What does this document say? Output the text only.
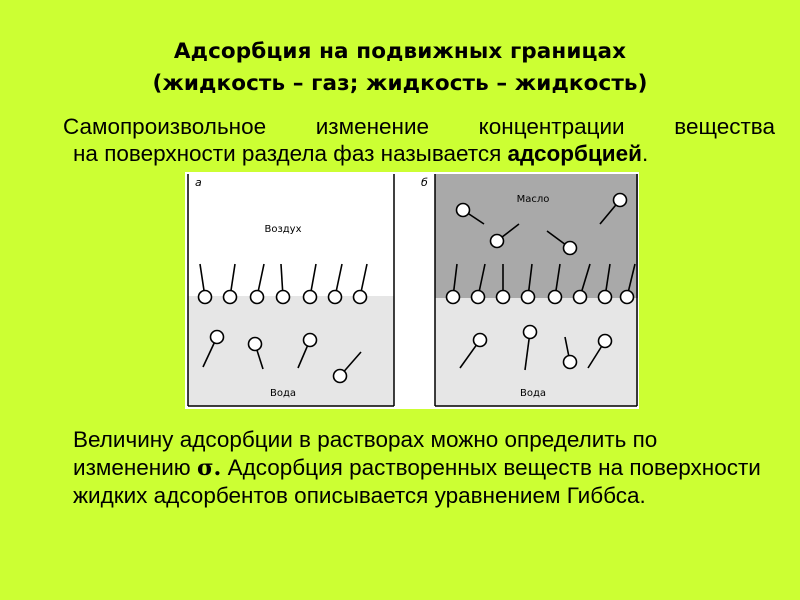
Адсорбция на подвижных границах
(жидкость – газ; жидкость – жидкость)
Самопроизвольное изменение концентрации вещества
на поверхности раздела фаз называется адсорбцией.
а
Воздух
Вода
б
Масло
Вода
Величину адсорбции в растворах можно определить по изменению σ. Адсорбция растворенных веществ на поверхности жидких адсорбентов описывается уравнением Гиббса.
